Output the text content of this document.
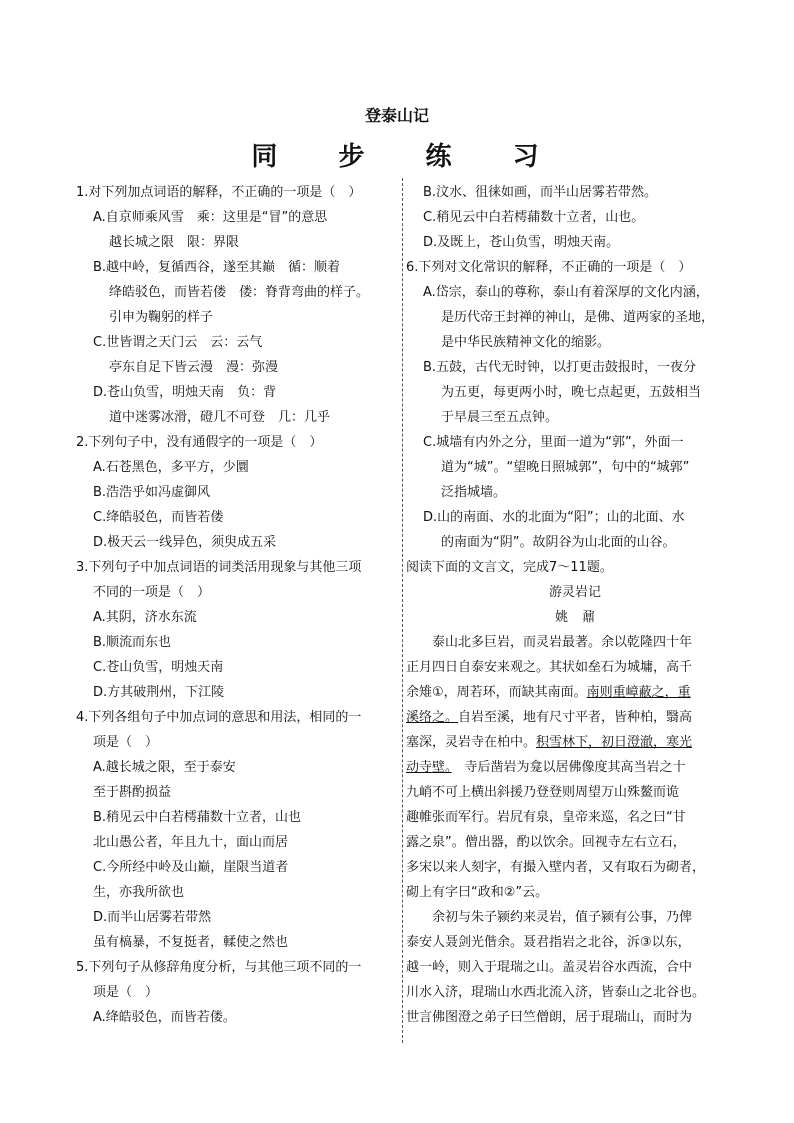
登泰山记
同 步 练 习
1.对下列加点词语的解释，不正确的一项是（　）
A.自京师乘风雪　乘：这里是“冒”的意思
越长城之限　限：界限
B.越中岭，复循西谷，遂至其巅　循：顺着
绛皓驳色，而皆若偻　偻：脊背弯曲的样子。
引申为鞠躬的样子
C.世皆谓之天门云　云：云气
亭东自足下皆云漫　漫：弥漫
D.苍山负雪，明烛天南　负：背
道中迷雾冰滑，磴几不可登　几：几乎
2.下列句子中，没有通假字的一项是（　）
A.石苍黑色，多平方，少圜
B.浩浩乎如冯虚御风
C.绛皓驳色，而皆若偻
D.极天云一线异色，须臾成五采
3.下列句子中加点词语的词类活用现象与其他三项
不同的一项是（　）
A.其阴，济水东流
B.顺流而东也
C.苍山负雪，明烛天南
D.方其破荆州，下江陵
4.下列各组句子中加点词的意思和用法，相同的一
项是（　）
A.越长城之限，至于泰安
至于斟酌损益
B.稍见云中白若樗蒱数十立者，山也
北山愚公者，年且九十，面山而居
C.今所经中岭及山巅，崖限当道者
生，亦我所欲也
D.而半山居雾若带然
虽有槁暴，不复挺者，輮使之然也
5.下列句子从修辞角度分析，与其他三项不同的一
项是（　）
A.绛皓驳色，而皆若偻。
B.汶水、徂徕如画，而半山居雾若带然。
C.稍见云中白若樗蒱数十立者，山也。
D.及既上，苍山负雪，明烛天南。
6.下列对文化常识的解释，不正确的一项是（　）
A.岱宗，泰山的尊称，泰山有着深厚的文化内涵，
是历代帝王封禅的神山，是佛、道两家的圣地，
是中华民族精神文化的缩影。
B.五鼓，古代无时钟，以打更击鼓报时，一夜分
为五更，每更两小时，晚七点起更，五鼓相当
于早晨三至五点钟。
C.城墙有内外之分，里面一道为“郭”，外面一
道为“城”。“望晚日照城郭”，句中的“城郭”
泛指城墙。
D.山的南面、水的北面为“阳”；山的北面、水
的南面为“阴”。故阴谷为山北面的山谷。
阅读下面的文言文，完成7～11题。
游灵岩记
姚鼐
　　泰山北多巨岩，而灵岩最著。余以乾隆四十年
正月四日自泰安来观之。其状如垒石为城墉，高千
余雉①，周若环，而缺其南面。南则重嶂蔽之，重
溪络之。自岩至溪，地有尺寸平者，皆种柏，翳高
塞深，灵岩寺在柏中。积雪林下，初日澄澈，寒光
动寺壁。　寺后凿岩为龛以居佛像度其高当岩之十
九峭不可上横出斜援乃登登则周望万山殊鳌而诡
趣帷张而军行。岩凥有泉，皇帝来巡，名之曰“甘
露之泉”。僧出器，酌以饮余。回视寺左右立石，
多宋以来人刻字，有撮入壁内者，又有取石为砌者，
砌上有字曰“政和②”云。
　　余初与朱子颍约来灵岩，值子颍有公事，乃俾
泰安人聂剑光偕余。聂君指岩之北谷，泝③以东，
越一岭，则入于琨瑞之山。盖灵岩谷水西流，合中
川水入济，琨瑞山水西北流入济，皆泰山之北谷也。
世言佛图澄之弟子曰竺僧朗，居于琨瑞山，而时为
